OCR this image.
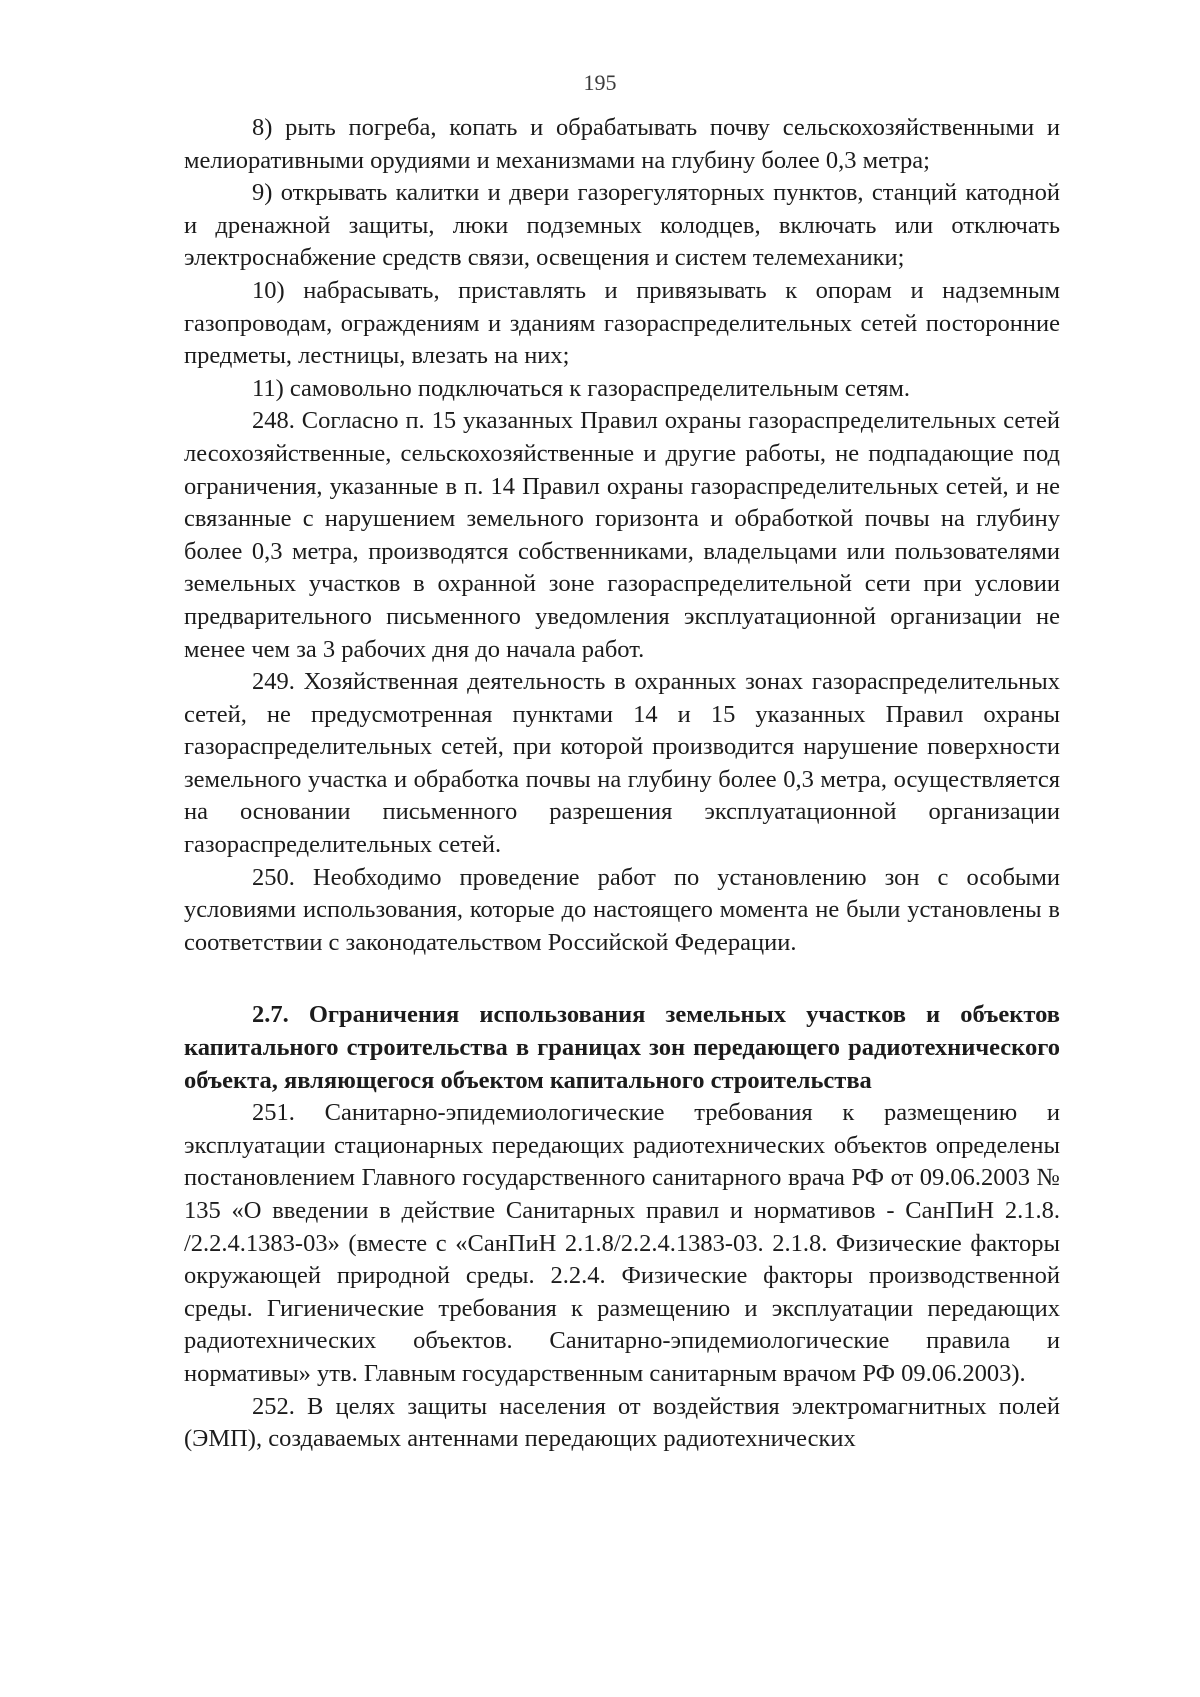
195

8) рыть погреба, копать и обрабатывать почву сельскохозяйственными и мелиоративными орудиями и механизмами на глубину более 0,3 метра;

9) открывать калитки и двери газорегуляторных пунктов, станций катодной и дренажной защиты, люки подземных колодцев, включать или отключать электроснабжение средств связи, освещения и систем телемеханики;

10) набрасывать, приставлять и привязывать к опорам и надземным газопроводам, ограждениям и зданиям газораспределительных сетей посторонние предметы, лестницы, влезать на них;

11) самовольно подключаться к газораспределительным сетям.

248. Согласно п. 15 указанных Правил охраны газораспределительных сетей лесохозяйственные, сельскохозяйственные и другие работы, не подпадающие под ограничения, указанные в п. 14 Правил охраны газораспределительных сетей, и не связанные с нарушением земельного горизонта и обработкой почвы на глубину более 0,3 метра, производятся собственниками, владельцами или пользователями земельных участков в охранной зоне газораспределительной сети при условии предварительного письменного уведомления эксплуатационной организации не менее чем за 3 рабочих дня до начала работ.

249. Хозяйственная деятельность в охранных зонах газораспределительных сетей, не предусмотренная пунктами 14 и 15 указанных Правил охраны газораспределительных сетей, при которой производится нарушение поверхности земельного участка и обработка почвы на глубину более 0,3 метра, осуществляется на основании письменного разрешения эксплуатационной организации газораспределительных сетей.

250. Необходимо проведение работ по установлению зон с особыми условиями использования, которые до настоящего момента не были установлены в соответствии с законодательством Российской Федерации.

2.7. Ограничения использования земельных участков и объектов капитального строительства в границах зон передающего радиотехнического объекта, являющегося объектом капитального строительства

251. Санитарно-эпидемиологические требования к размещению и эксплуатации стационарных передающих радиотехнических объектов определены постановлением Главного государственного санитарного врача РФ от 09.06.2003 № 135 «О введении в действие Санитарных правил и нормативов - СанПиН 2.1.8. /2.2.4.1383-03» (вместе с «СанПиН 2.1.8/2.2.4.1383-03. 2.1.8. Физические факторы окружающей природной среды. 2.2.4. Физические факторы производственной среды. Гигиенические требования к размещению и эксплуатации передающих радиотехнических объектов. Санитарно-эпидемиологические правила и нормативы» утв. Главным государственным санитарным врачом РФ 09.06.2003).

252. В целях защиты населения от воздействия электромагнитных полей (ЭМП), создаваемых антеннами передающих радиотехнических
